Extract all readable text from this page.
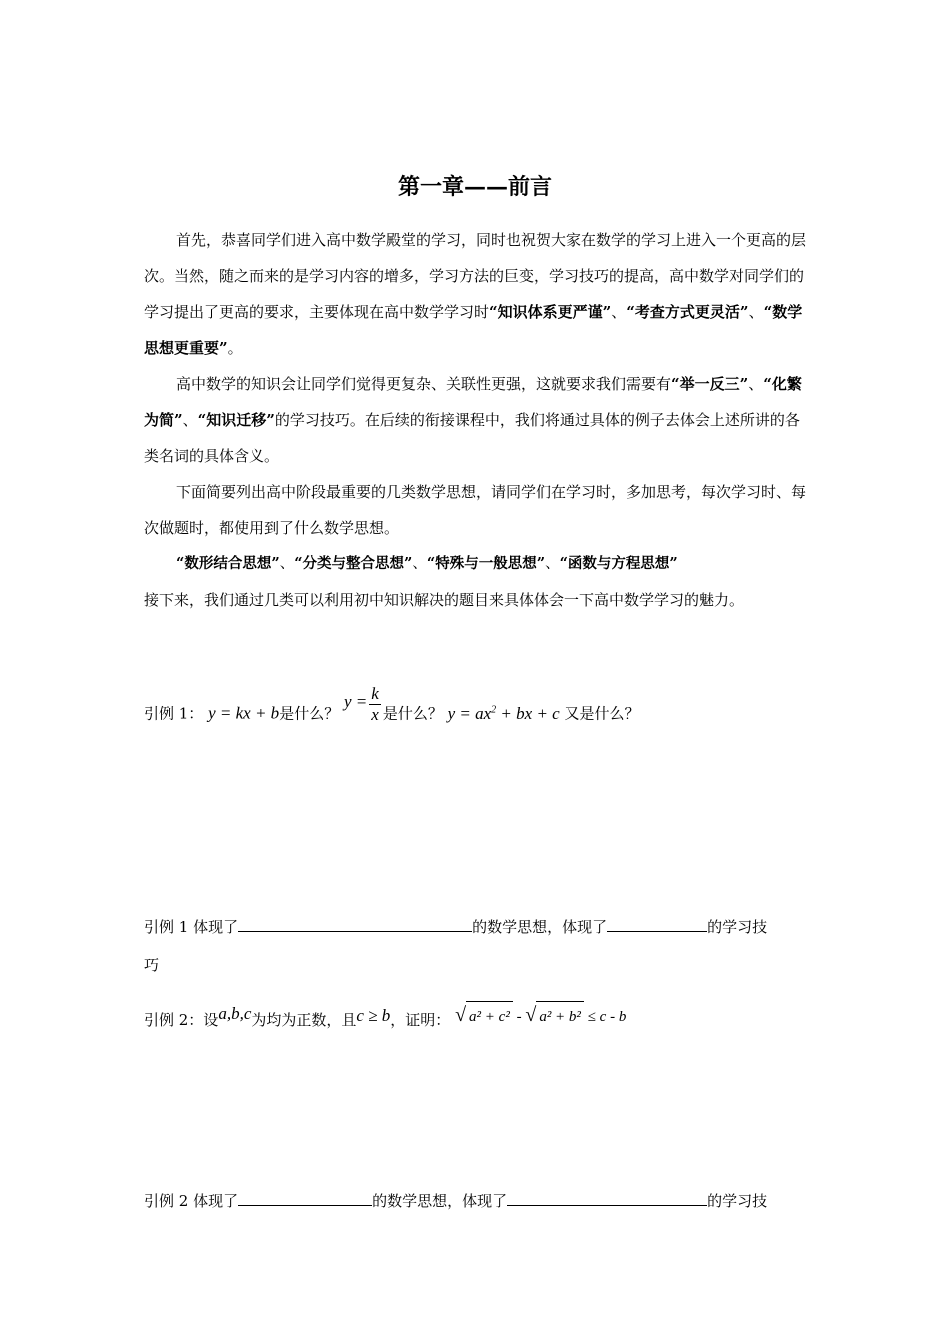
第一章——前言
首先，恭喜同学们进入高中数学殿堂的学习，同时也祝贺大家在数学的学习上进入一个更高的层次。当然，随之而来的是学习内容的增多，学习方法的巨变，学习技巧的提高，高中数学对同学们的学习提出了更高的要求，主要体现在高中数学学习时“知识体系更严谨”、“考查方式更灵活”、“数学思想更重要”。
高中数学的知识会让同学们觉得更复杂、关联性更强，这就要求我们需要有“举一反三”、“化繁为简”、“知识迁移”的学习技巧。在后续的衔接课程中，我们将通过具体的例子去体会上述所讲的各类名词的具体含义。
下面简要列出高中阶段最重要的几类数学思想，请同学们在学习时，多加思考，每次学习时、每次做题时，都使用到了什么数学思想。
“数形结合思想”、“分类与整合思想”、“特殊与一般思想”、“函数与方程思想”
接下来，我们通过几类可以利用初中知识解决的题目来具体体会一下高中数学学习的魅力。
引例 1： y = kx + b是什么？ $y = \frac{k}{x}$ 是什么？ $y = ax^2$ + bx + c 又是什么？
引例 1 体现了	的数学思想，体现了	的学习技
巧
引例 2：设a,b,c为均为正数，且c ≥ b，证明： √ a² + c² - √ a² + b² ≤ c - b
引例 2 体现了	的数学思想，体现了	的学习技
